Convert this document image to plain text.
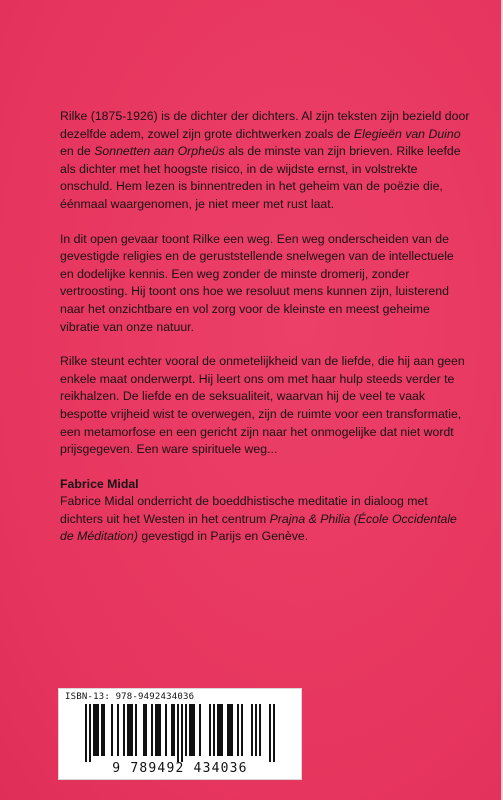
Rilke (1875-1926) is de dichter der dichters. Al zijn teksten zijn bezield door dezelfde adem, zowel zijn grote dichtwerken zoals de Elegieën van Duino en de Sonnetten aan Orpheüs als de minste van zijn brieven. Rilke leefde als dichter met het hoogste risico, in de wijdste ernst, in volstrekte onschuld. Hem lezen is binnentreden in het geheim van de poëzie die, éénmaal waargenomen, je niet meer met rust laat.

In dit open gevaar toont Rilke een weg. Een weg onderscheiden van de gevestigde religies en de geruststellende snelwegen van de intellectuele en dodelijke kennis. Een weg zonder de minste dromerij, zonder vertroosting. Hij toont ons hoe we resoluut mens kunnen zijn, luisterend naar het onzichtbare en vol zorg voor de kleinste en meest geheime vibratie van onze natuur.

Rilke steunt echter vooral de onmetelijkheid van de liefde, die hij aan geen enkele maat onderwerpt. Hij leert ons om met haar hulp steeds verder te reikhalzen. De liefde en de seksualiteit, waarvan hij de veel te vaak bespotte vrijheid wist te overwegen, zijn de ruimte voor een transformatie, een metamorfose en een gericht zijn naar het onmogelijke dat niet wordt prijsgegeven. Een ware spirituele weg...

Fabrice Midal
Fabrice Midal onderricht de boeddhistische meditatie in dialoog met dichters uit het Westen in het centrum Prajna & Philia (École Occidentale de Méditation) gevestigd in Parijs en Genève.

ISBN-13: 978-9492434036
9 789492 434036
